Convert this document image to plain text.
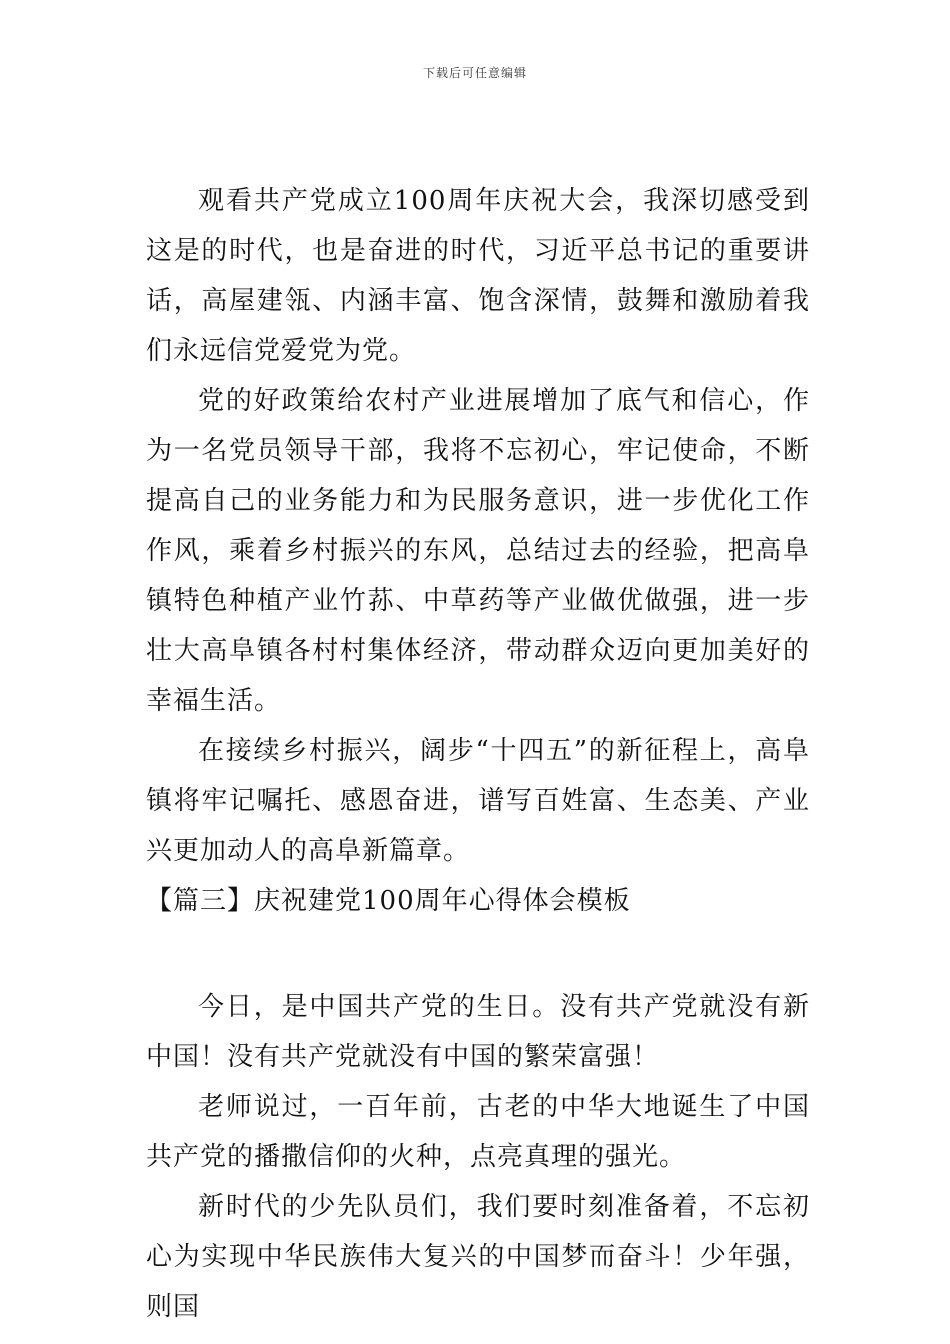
下载后可任意编辑

观看共产党成立100周年庆祝大会，我深切感受到这是的时代，也是奋进的时代，习近平总书记的重要讲话，高屋建瓴、内涵丰富、饱含深情，鼓舞和激励着我们永远信党爱党为党。

党的好政策给农村产业进展增加了底气和信心，作为一名党员领导干部，我将不忘初心，牢记使命，不断提高自己的业务能力和为民服务意识，进一步优化工作作风，乘着乡村振兴的东风，总结过去的经验，把高阜镇特色种植产业竹荪、中草药等产业做优做强，进一步壮大高阜镇各村村集体经济，带动群众迈向更加美好的幸福生活。

在接续乡村振兴，阔步“十四五”的新征程上，高阜镇将牢记嘱托、感恩奋进，谱写百姓富、生态美、产业兴更加动人的高阜新篇章。

【篇三】庆祝建党100周年心得体会模板

今日，是中国共产党的生日。没有共产党就没有新中国！没有共产党就没有中国的繁荣富强！

老师说过，一百年前，古老的中华大地诞生了中国共产党的播撒信仰的火种，点亮真理的强光。

新时代的少先队员们，我们要时刻准备着，不忘初心为实现中华民族伟大复兴的中国梦而奋斗！少年强，则国
